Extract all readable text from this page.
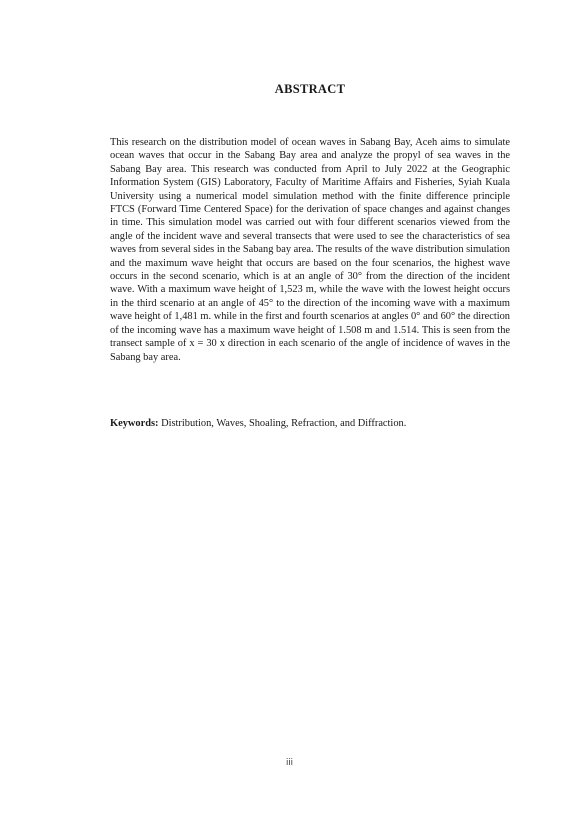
ABSTRACT

This research on the distribution model of ocean waves in Sabang Bay, Aceh aims to simulate ocean waves that occur in the Sabang Bay area and analyze the propyl of sea waves in the Sabang Bay area. This research was conducted from April to July 2022 at the Geographic Information System (GIS) Laboratory, Faculty of Maritime Affairs and Fisheries, Syiah Kuala University using a numerical model simulation method with the finite difference principle FTCS (Forward Time Centered Space) for the derivation of space changes and against changes in time. This simulation model was carried out with four different scenarios viewed from the angle of the incident wave and several transects that were used to see the characteristics of sea waves from several sides in the Sabang bay area. The results of the wave distribution simulation and the maximum wave height that occurs are based on the four scenarios, the highest wave occurs in the second scenario, which is at an angle of 30° from the direction of the incident wave. With a maximum wave height of 1,523 m, while the wave with the lowest height occurs in the third scenario at an angle of 45° to the direction of the incoming wave with a maximum wave height of 1,481 m. while in the first and fourth scenarios at angles 0° and 60° the direction of the incoming wave has a maximum wave height of 1.508 m and 1.514. This is seen from the transect sample of x = 30 x direction in each scenario of the angle of incidence of waves in the Sabang bay area.

Keywords: Distribution, Waves, Shoaling, Refraction, and Diffraction.

iii
